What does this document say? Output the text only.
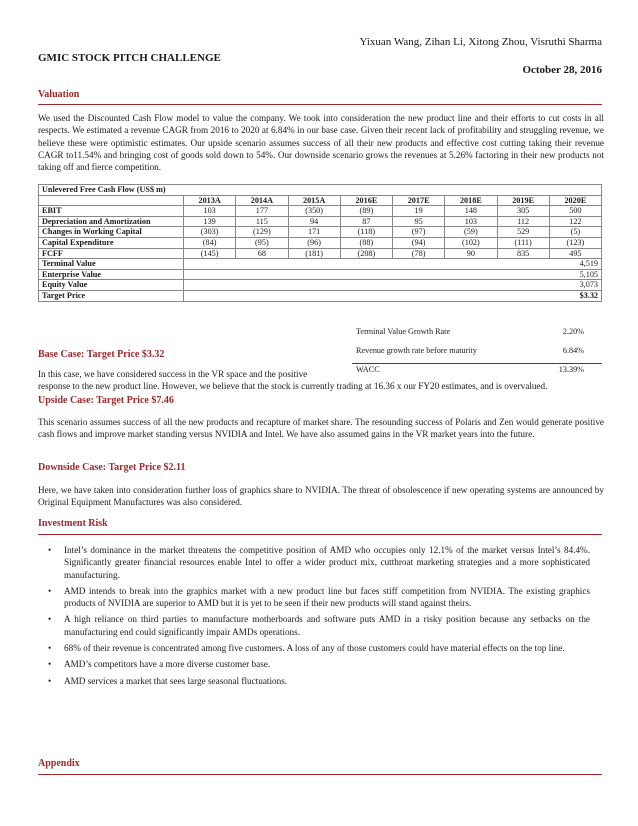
Yixuan Wang, Zihan Li, Xitong Zhou, Visruthi Sharma
GMIC STOCK PITCH CHALLENGE
October 28, 2016
Valuation

We used the Discounted Cash Flow model to value the company. We took into consideration the new product line and their efforts to cut costs in all respects. We estimated a revenue CAGR from 2016 to 2020 at 6.84% in our base case. Given their recent lack of profitability and struggling revenue, we believe these were optimistic estimates. Our upside scenario assumes success of all their new products and effective cost cutting taking their revenue CAGR to11.54% and bringing cost of goods sold down to 54%. Our downside scenario grows the revenues at 5.26% factoring in their new products not taking off and fierce competition.

Unlevered Free Cash Flow (US$ m)								
	2013A	2014A	2015A	2016E	2017E	2018E	2019E	2020E
EBIT	103	177	(350)	(89)	19	148	305	500
Depreciation and Amortization	139	115	94	87	95	103	112	122
Changes in Working Capital	(303)	(129)	171	(118)	(97)	(59)	529	(5)
Capital Expenditure	(84)	(95)	(96)	(88)	(94)	(102)	(111)	(123)
FCFF	(145)	68	(181)	(208)	(78)	90	835	495
Terminal Value	4,519							
Enterprise Value	5,105							
Equity Value	3,073							
Target Price	$3.32							
Terminal Value Growth Rate	2.20%
Revenue growth rate before maturity	6.84%
WACC	13.39%
Base Case: Target Price $3.32

In this case, we have considered success in the VR space and the positive

response to the new product line. However, we believe that the stock is currently trading at 16.36 x our FY20 estimates, and is overvalued.

Upside Case: Target Price $7.46

This scenario assumes success of all the new products and recapture of market share. The resounding success of Polaris and Zen would generate positive cash flows and improve market standing versus NVIDIA and Intel. We have also assumed gains in the VR market years into the future.

Downside Case: Target Price $2.11

Here, we have taken into consideration further loss of graphics share to NVIDIA. The threat of obsolescence if new operating systems are announced by Original Equipment Manufactures was also considered.

Investment Risk
• Intel’s dominance in the market threatens the competitive position of AMD who occupies only 12.1% of the market versus Intel’s 84.4%. Significantly greater financial resources enable Intel to offer a wider product mix, cutthroat marketing strategies and a more sophisticated manufacturing.
• AMD intends to break into the graphics market with a new product line but faces stiff competition from NVIDIA. The existing graphics products of NVIDIA are superior to AMD but it is yet to be seen if their new products will stand against theirs.
• A high reliance on third parties to manufacture motherboards and software puts AMD in a risky position because any setbacks on the manufacturing end could significantly impair AMDs operations.
• 68% of their revenue is concentrated among five customers. A loss of any of those customers could have material effects on the top line.
• AMD’s competitors have a more diverse customer base.
• AMD services a market that sees large seasonal fluctuations.
Appendix
